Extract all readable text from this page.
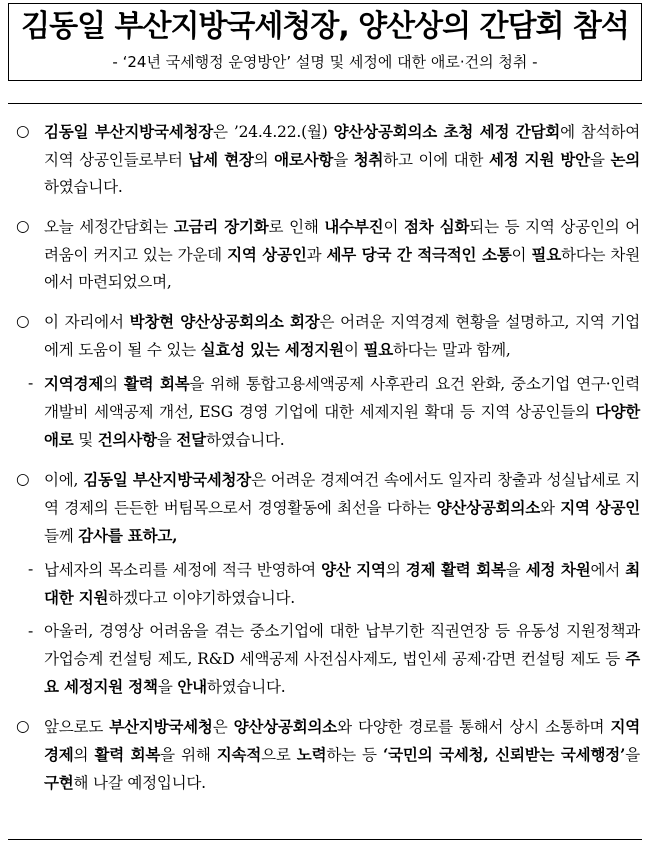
김동일 부산지방국세청장, 양산상의 간담회 참석
- ‘24년 국세행정 운영방안’ 설명 및 세정에 대한 애로·건의 청취 -
○ 김동일 부산지방국세청장은 ’24.4.22.(월) 양산상공회의소 초청 세정 간담회에 참석하여 지역 상공인들로부터 납세 현장의 애로사항을 청취하고 이에 대한 세정 지원 방안을 논의하였습니다.
○ 오늘 세정간담회는 고금리 장기화로 인해 내수부진이 점차 심화되는 등 지역 상공인의 어려움이 커지고 있는 가운데 지역 상공인과 세무 당국 간 적극적인 소통이 필요하다는 차원에서 마련되었으며,
○ 이 자리에서 박창현 양산상공회의소 회장은 어려운 지역경제 현황을 설명하고, 지역 기업에게 도움이 될 수 있는 실효성 있는 세정지원이 필요하다는 말과 함께,
- 지역경제의 활력 회복을 위해 통합고용세액공제 사후관리 요건 완화, 중소기업 연구·인력개발비 세액공제 개선, ESG 경영 기업에 대한 세제지원 확대 등 지역 상공인들의 다양한 애로 및 건의사항을 전달하였습니다.
○ 이에, 김동일 부산지방국세청장은 어려운 경제여건 속에서도 일자리 창출과 성실납세로 지역 경제의 든든한 버팀목으로서 경영활동에 최선을 다하는 양산상공회의소와 지역 상공인들께 감사를 표하고,
- 납세자의 목소리를 세정에 적극 반영하여 양산 지역의 경제 활력 회복을 세정 차원에서 최대한 지원하겠다고 이야기하였습니다.
- 아울러, 경영상 어려움을 겪는 중소기업에 대한 납부기한 직권연장 등 유동성 지원정책과 가업승계 컨설팅 제도, R&D 세액공제 사전심사제도, 법인세 공제·감면 컨설팅 제도 등 주요 세정지원 정책을 안내하였습니다.
○ 앞으로도 부산지방국세청은 양산상공회의소와 다양한 경로를 통해서 상시 소통하며 지역 경제의 활력 회복을 위해 지속적으로 노력하는 등 ‘국민의 국세청, 신뢰받는 국세행정’을 구현해 나갈 예정입니다.
